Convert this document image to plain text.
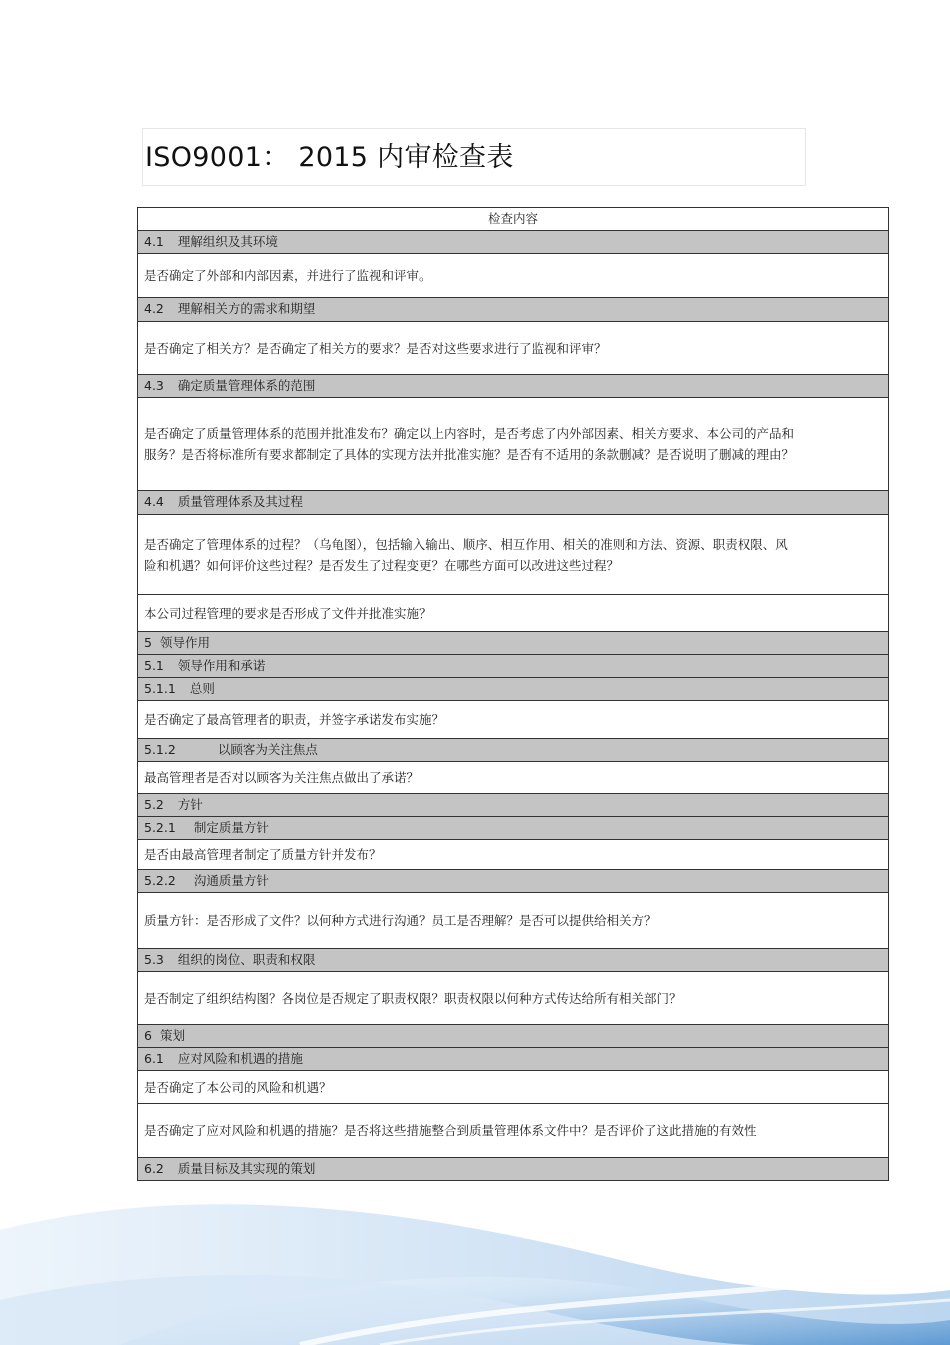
ISO9001： 2015 内审检查表
检查内容
4.1 理解组织及其环境
是否确定了外部和内部因素，并进行了监视和评审。
4.2 理解相关方的需求和期望
是否确定了相关方？是否确定了相关方的要求？是否对这些要求进行了监视和评审？
4.3 确定质量管理体系的范围
是否确定了质量管理体系的范围并批准发布？确定以上内容时，是否考虑了内外部因素、相关方要求、本公司的产品和服务？是否将标准所有要求都制定了具体的实现方法并批准实施？是否有不适用的条款删减？是否说明了删减的理由？
4.4 质量管理体系及其过程
是否确定了管理体系的过程？（乌龟图），包括输入输出、顺序、相互作用、相关的准则和方法、资源、职责权限、风险和机遇？如何评价这些过程？是否发生了过程变更？在哪些方面可以改进这些过程？
本公司过程管理的要求是否形成了文件并批准实施？
5 领导作用
5.1 领导作用和承诺
5.1.1 总则
是否确定了最高管理者的职责，并签字承诺发布实施？
5.1.2	以顾客为关注焦点
最高管理者是否对以顾客为关注焦点做出了承诺？
5.2 方针
5.2.1 制定质量方针
是否由最高管理者制定了质量方针并发布？
5.2.2 沟通质量方针
质量方针：是否形成了文件？以何种方式进行沟通？员工是否理解？是否可以提供给相关方？
5.3 组织的岗位、职责和权限
是否制定了组织结构图？各岗位是否规定了职责权限？职责权限以何种方式传达给所有相关部门？
6 策划
6.1 应对风险和机遇的措施
是否确定了本公司的风险和机遇？
是否确定了应对风险和机遇的措施？是否将这些措施整合到质量管理体系文件中？是否评价了这此措施的有效性
6.2 质量目标及其实现的策划
